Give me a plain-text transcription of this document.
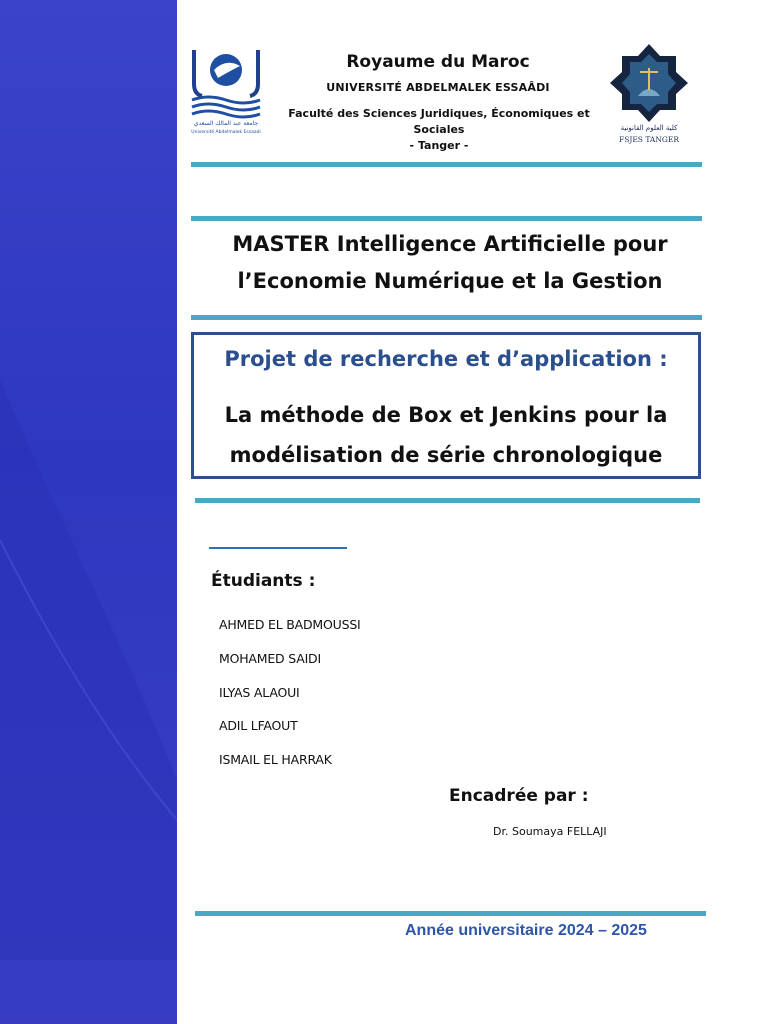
جامعة عبد المالك السعدي
Université Abdelmalek Essaadi
كلية العلوم القانونية
FSJES TANGER
Royaume du Maroc
UNIVERSITÉ ABDELMALEK ESSAÂDI
Faculté des Sciences Juridiques, Économiques et Sociales
- Tanger -
MASTER Intelligence Artificielle pour
l’Economie Numérique et la Gestion
Projet de recherche et d’application :
La méthode de Box et Jenkins pour la
modélisation de série chronologique
Étudiants :
AHMED EL BADMOUSSI
MOHAMED SAIDI
ILYAS ALAOUI
ADIL LFAOUT
ISMAIL EL HARRAK
Encadrée par :
Dr. Soumaya FELLAJI
Année universitaire 2024 – 2025
